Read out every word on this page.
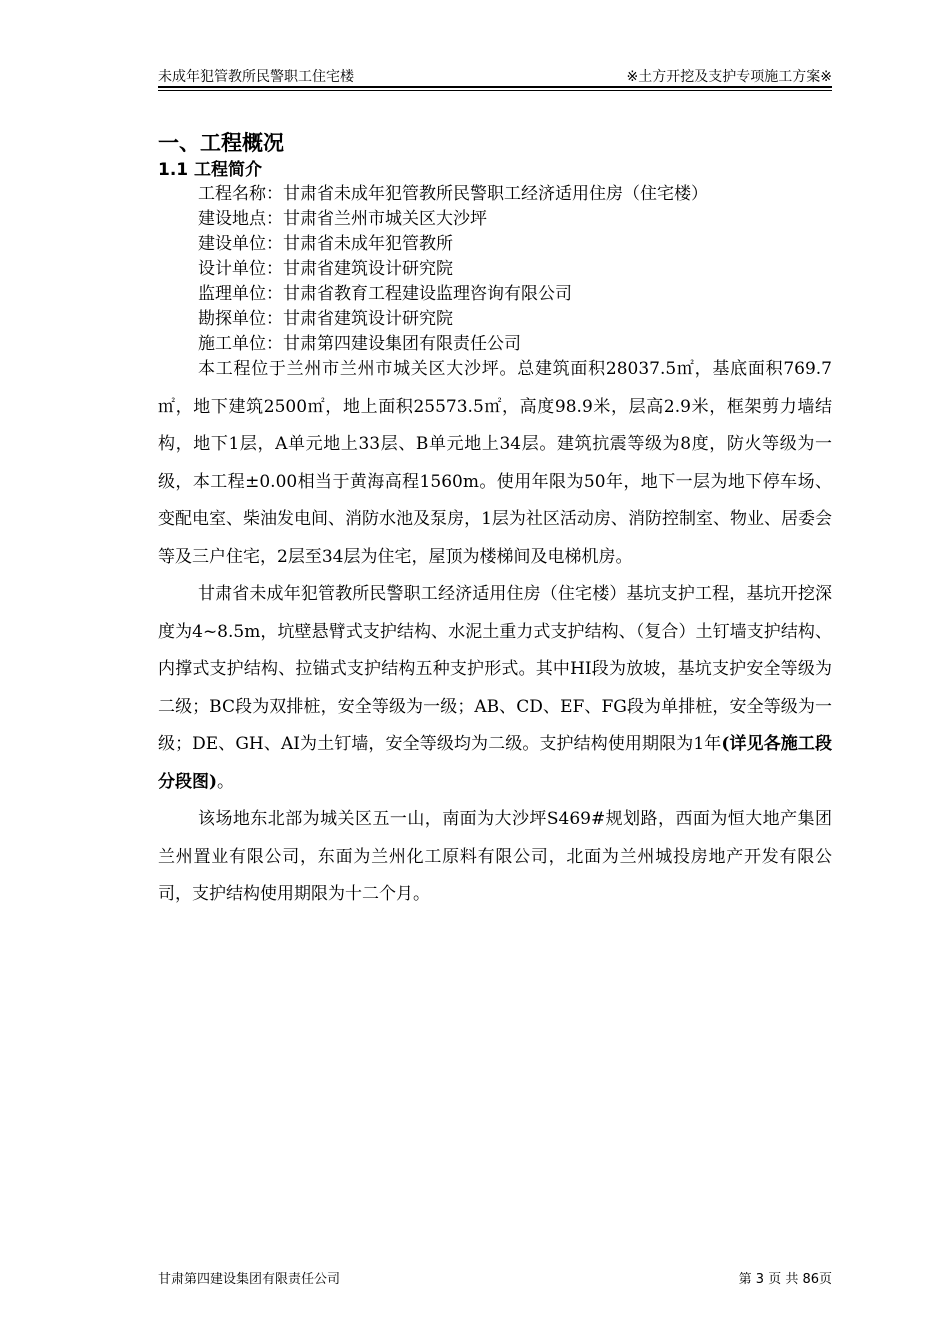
未成年犯管教所民警职工住宅楼	※土方开挖及支护专项施工方案※
一、工程概况
1.1 工程简介
工程名称：甘肃省未成年犯管教所民警职工经济适用住房（住宅楼）
建设地点：甘肃省兰州市城关区大沙坪
建设单位：甘肃省未成年犯管教所
设计单位：甘肃省建筑设计研究院
监理单位：甘肃省教育工程建设监理咨询有限公司
勘探单位：甘肃省建筑设计研究院
施工单位：甘肃第四建设集团有限责任公司

本工程位于兰州市兰州市城关区大沙坪。总建筑面积28037.5㎡，基底面积769.7㎡，地下建筑2500㎡，地上面积25573.5㎡，高度98.9米，层高2.9米，框架剪力墙结构，地下1层，A单元地上33层、B单元地上34层。建筑抗震等级为8度，防火等级为一级，本工程±0.00相当于黄海高程1560m。使用年限为50年，地下一层为地下停车场、变配电室、柴油发电间、消防水池及泵房，1层为社区活动房、消防控制室、物业、居委会等及三户住宅，2层至34层为住宅，屋顶为楼梯间及电梯机房。

甘肃省未成年犯管教所民警职工经济适用住房（住宅楼）基坑支护工程，基坑开挖深度为4~8.5m，坑壁悬臂式支护结构、水泥土重力式支护结构、（复合）土钉墙支护结构、内撑式支护结构、拉锚式支护结构五种支护形式。其中HI段为放坡，基坑支护安全等级为二级；BC段为双排桩，安全等级为一级；AB、CD、EF、FG段为单排桩，安全等级为一级；DE、GH、AI为土钉墙，安全等级均为二级。支护结构使用期限为1年(详见各施工段分段图)。

该场地东北部为城关区五一山，南面为大沙坪S469#规划路，西面为恒大地产集团兰州置业有限公司，东面为兰州化工原料有限公司，北面为兰州城投房地产开发有限公司，支护结构使用期限为十二个月。

甘肃第四建设集团有限责任公司	第 3 页 共 86页
